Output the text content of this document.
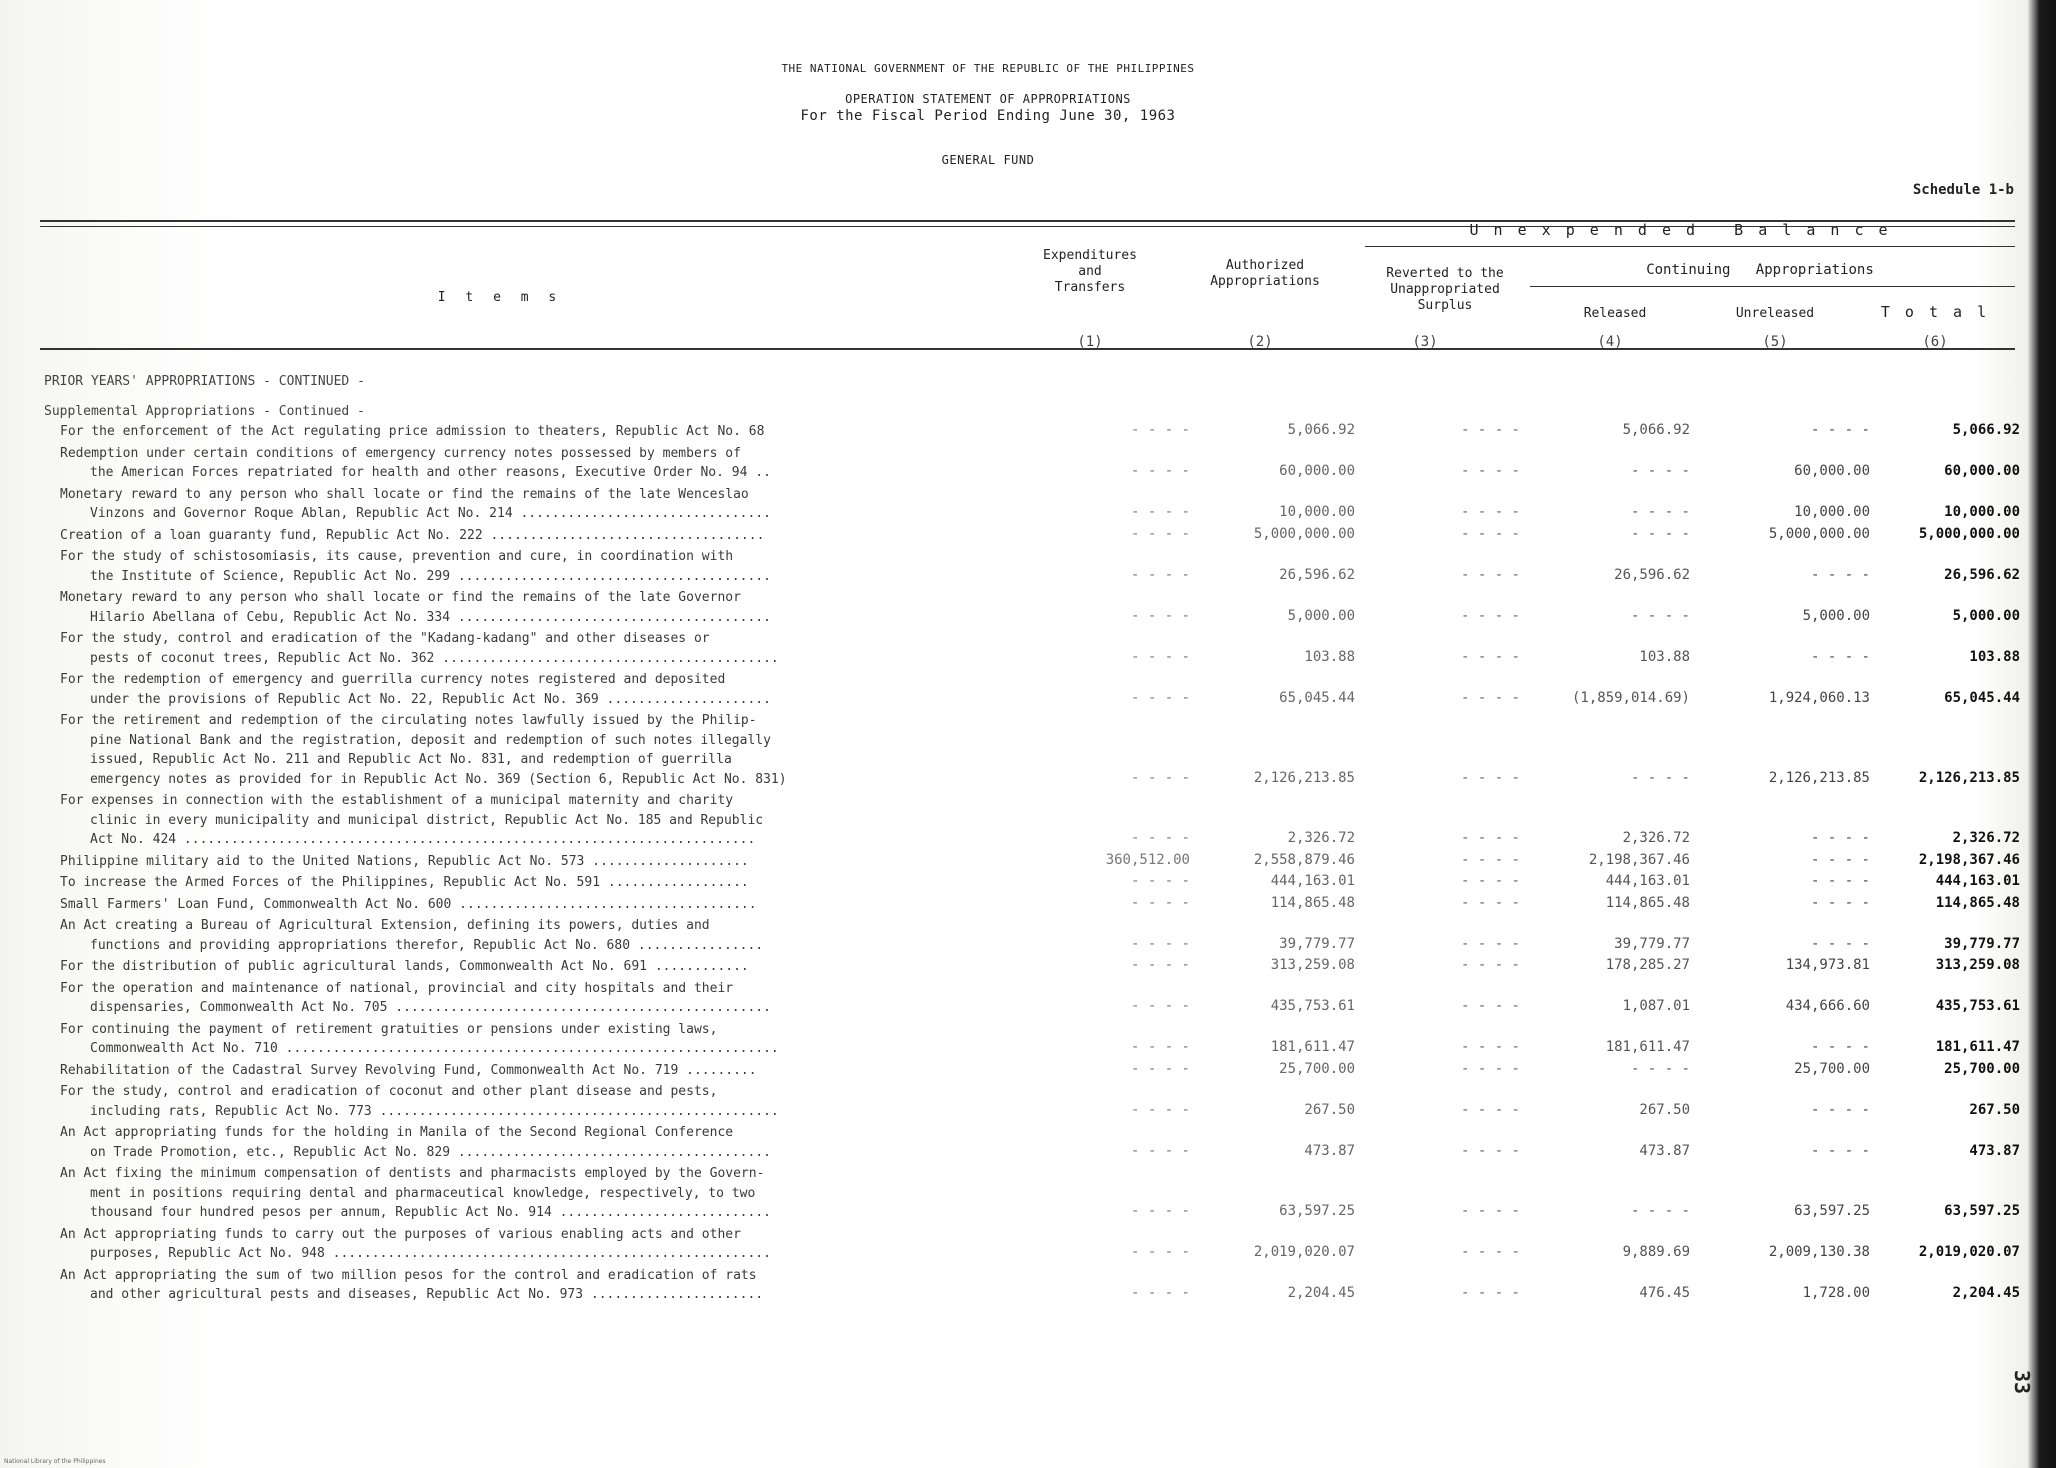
THE NATIONAL GOVERNMENT OF THE REPUBLIC OF THE PHILIPPINES
OPERATION STATEMENT OF APPROPRIATIONS
For the Fiscal Period Ending June 30, 1963
GENERAL FUND
Schedule 1-b
I t e m s
Expenditures
and
Transfers
Authorized
Appropriations
U n e x p e n d e d   B a l a n c e
Reverted to the
Unappropriated
Surplus
Continuing   Appropriations
Released	Unreleased	T o t a l
(1)	(2)	(3)	(4)	(5)	(6)
PRIOR YEARS' APPROPRIATIONS - CONTINUED -
Supplemental Appropriations - Continued -
For the enforcement of the Act regulating price admission to theaters, Republic Act No. 68	- - - -	5,066.92	- - - -	5,066.92	- - - -	5,066.92
Redemption under certain conditions of emergency currency notes possessed by members of
the American Forces repatriated for health and other reasons, Executive Order No. 94 ..	- - - -	60,000.00	- - - -	- - - -	60,000.00	60,000.00
Monetary reward to any person who shall locate or find the remains of the late Wenceslao
Vinzons and Governor Roque Ablan, Republic Act No. 214 ................................	- - - -	10,000.00	- - - -	- - - -	10,000.00	10,000.00
Creation of a loan guaranty fund, Republic Act No. 222 ...................................	- - - -	5,000,000.00	- - - -	- - - -	5,000,000.00	5,000,000.00
For the study of schistosomiasis, its cause, prevention and cure, in coordination with
the Institute of Science, Republic Act No. 299 ........................................	- - - -	26,596.62	- - - -	26,596.62	- - - -	26,596.62
Monetary reward to any person who shall locate or find the remains of the late Governor
Hilario Abellana of Cebu, Republic Act No. 334 ........................................	- - - -	5,000.00	- - - -	- - - -	5,000.00	5,000.00
For the study, control and eradication of the "Kadang-kadang" and other diseases or
pests of coconut trees, Republic Act No. 362 ...........................................	- - - -	103.88	- - - -	103.88	- - - -	103.88
For the redemption of emergency and guerrilla currency notes registered and deposited
under the provisions of Republic Act No. 22, Republic Act No. 369 .....................	- - - -	65,045.44	- - - -	(1,859,014.69)	1,924,060.13	65,045.44
For the retirement and redemption of the circulating notes lawfully issued by the Philip-
pine National Bank and the registration, deposit and redemption of such notes illegally
issued, Republic Act No. 211 and Republic Act No. 831, and redemption of guerrilla
emergency notes as provided for in Republic Act No. 369 (Section 6, Republic Act No. 831)	- - - -	2,126,213.85	- - - -	- - - -	2,126,213.85	2,126,213.85
For expenses in connection with the establishment of a municipal maternity and charity
clinic in every municipality and municipal district, Republic Act No. 185 and Republic
Act No. 424 .........................................................................	- - - -	2,326.72	- - - -	2,326.72	- - - -	2,326.72
Philippine military aid to the United Nations, Republic Act No. 573 ....................	360,512.00	2,558,879.46	- - - -	2,198,367.46	- - - -	2,198,367.46
To increase the Armed Forces of the Philippines, Republic Act No. 591 ..................	- - - -	444,163.01	- - - -	444,163.01	- - - -	444,163.01
Small Farmers' Loan Fund, Commonwealth Act No. 600 ......................................	- - - -	114,865.48	- - - -	114,865.48	- - - -	114,865.48
An Act creating a Bureau of Agricultural Extension, defining its powers, duties and
functions and providing appropriations therefor, Republic Act No. 680 ................	- - - -	39,779.77	- - - -	39,779.77	- - - -	39,779.77
For the distribution of public agricultural lands, Commonwealth Act No. 691 ............	- - - -	313,259.08	- - - -	178,285.27	134,973.81	313,259.08
For the operation and maintenance of national, provincial and city hospitals and their
dispensaries, Commonwealth Act No. 705 ................................................	- - - -	435,753.61	- - - -	1,087.01	434,666.60	435,753.61
For continuing the payment of retirement gratuities or pensions under existing laws,
Commonwealth Act No. 710 ...............................................................	- - - -	181,611.47	- - - -	181,611.47	- - - -	181,611.47
Rehabilitation of the Cadastral Survey Revolving Fund, Commonwealth Act No. 719 .........	- - - -	25,700.00	- - - -	- - - -	25,700.00	25,700.00
For the study, control and eradication of coconut and other plant disease and pests,
including rats, Republic Act No. 773 ...................................................	- - - -	267.50	- - - -	267.50	- - - -	267.50
An Act appropriating funds for the holding in Manila of the Second Regional Conference
on Trade Promotion, etc., Republic Act No. 829 ........................................	- - - -	473.87	- - - -	473.87	- - - -	473.87
An Act fixing the minimum compensation of dentists and pharmacists employed by the Govern-
ment in positions requiring dental and pharmaceutical knowledge, respectively, to two
thousand four hundred pesos per annum, Republic Act No. 914 ...........................	- - - -	63,597.25	- - - -	- - - -	63,597.25	63,597.25
An Act appropriating funds to carry out the purposes of various enabling acts and other
purposes, Republic Act No. 948 ........................................................	- - - -	2,019,020.07	- - - -	9,889.69	2,009,130.38	2,019,020.07
An Act appropriating the sum of two million pesos for the control and eradication of rats
and other agricultural pests and diseases, Republic Act No. 973 ......................	- - - -	2,204.45	- - - -	476.45	1,728.00	2,204.45
33
National Library of the Philippines
